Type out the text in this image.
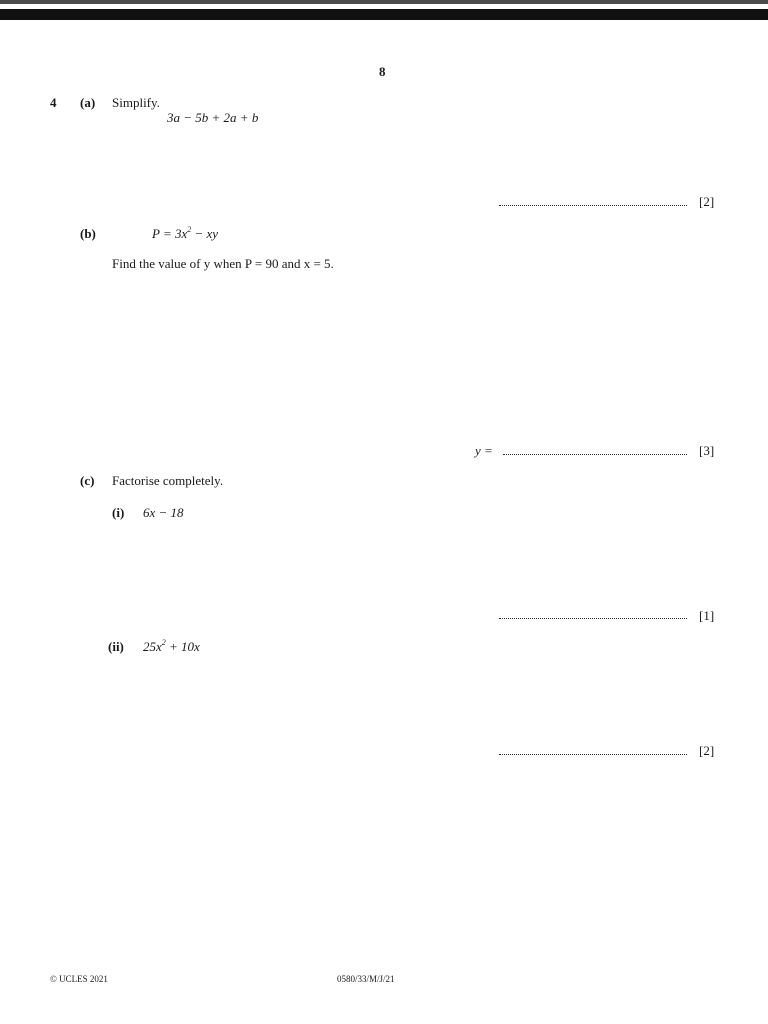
8
4 (a) Simplify.
3a − 5b + 2a + b
[2]
(b)	$P = 3x^2$ − xy
Find the value of y when P = 90 and x = 5.
y =	[3]
(c) Factorise completely.
(i) 6x − 18
[1]
(ii) $25x^2 + 10x$
[2]
© UCLES 2021	0580/33/M/J/21
